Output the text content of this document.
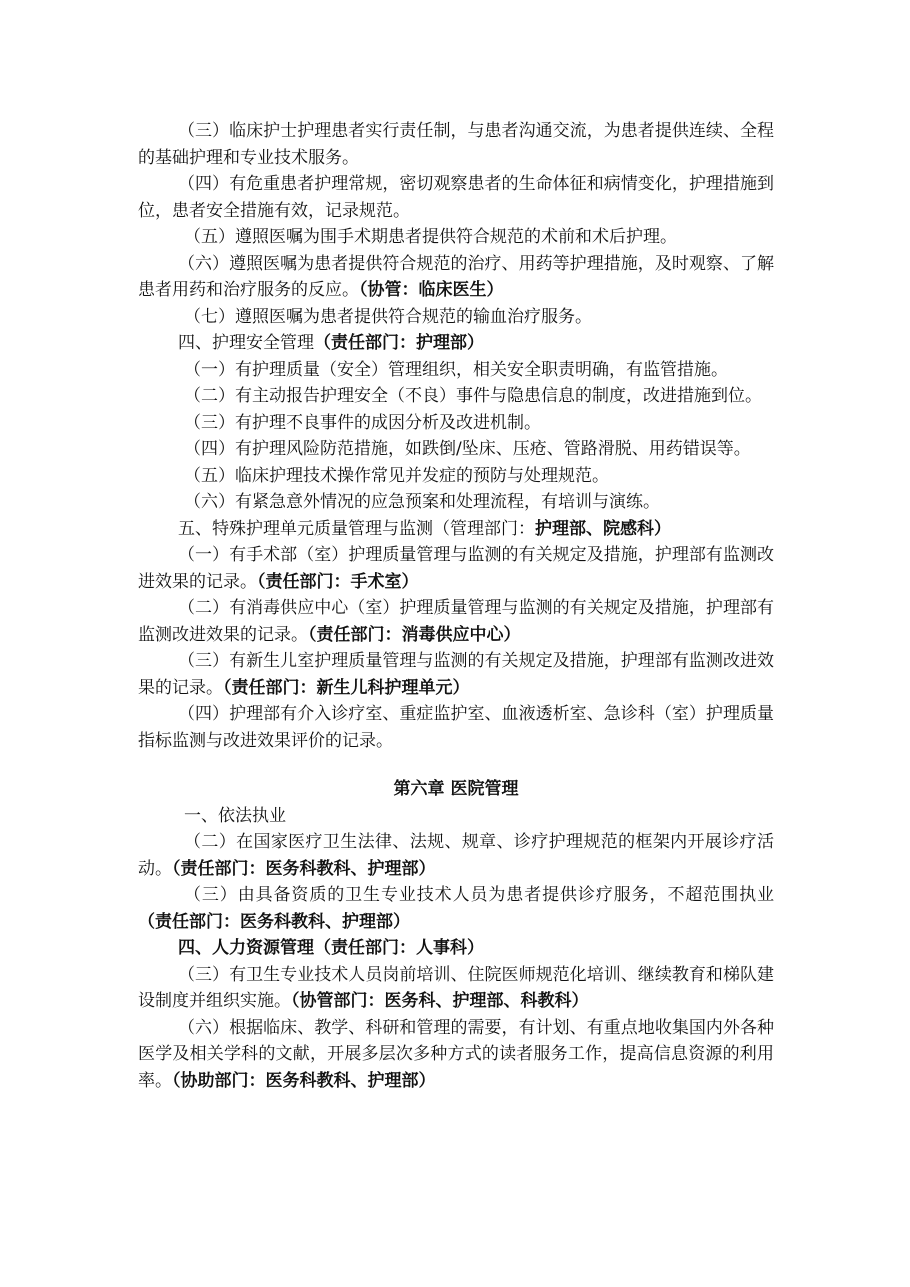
（三）临床护士护理患者实行责任制，与患者沟通交流，为患者提供连续、全程的基础护理和专业技术服务。

（四）有危重患者护理常规，密切观察患者的生命体征和病情变化，护理措施到位，患者安全措施有效，记录规范。

（五）遵照医嘱为围手术期患者提供符合规范的术前和术后护理。

（六）遵照医嘱为患者提供符合规范的治疗、用药等护理措施，及时观察、了解患者用药和治疗服务的反应。（协管：临床医生）

（七）遵照医嘱为患者提供符合规范的输血治疗服务。

四、护理安全管理（责任部门：护理部）

（一）有护理质量（安全）管理组织，相关安全职责明确，有监管措施。

（二）有主动报告护理安全（不良）事件与隐患信息的制度，改进措施到位。

（三）有护理不良事件的成因分析及改进机制。

（四）有护理风险防范措施，如跌倒/坠床、压疮、管路滑脱、用药错误等。

（五）临床护理技术操作常见并发症的预防与处理规范。

（六）有紧急意外情况的应急预案和处理流程，有培训与演练。

五、特殊护理单元质量管理与监测（管理部门：护理部、院感科）

（一）有手术部（室）护理质量管理与监测的有关规定及措施，护理部有监测改进效果的记录。（责任部门：手术室）

（二）有消毒供应中心（室）护理质量管理与监测的有关规定及措施，护理部有监测改进效果的记录。（责任部门：消毒供应中心）

（三）有新生儿室护理质量管理与监测的有关规定及措施，护理部有监测改进效果的记录。（责任部门：新生儿科护理单元）

（四）护理部有介入诊疗室、重症监护室、血液透析室、急诊科（室）护理质量指标监测与改进效果评价的记录。

第六章 医院管理

一、依法执业

（二）在国家医疗卫生法律、法规、规章、诊疗护理规范的框架内开展诊疗活动。（责任部门：医务科教科、护理部）

（三）由具备资质的卫生专业技术人员为患者提供诊疗服务，不超范围执业（责任部门：医务科教科、护理部）

四、人力资源管理（责任部门：人事科）

（三）有卫生专业技术人员岗前培训、住院医师规范化培训、继续教育和梯队建设制度并组织实施。（协管部门：医务科、护理部、科教科）

（六）根据临床、教学、科研和管理的需要，有计划、有重点地收集国内外各种医学及相关学科的文献，开展多层次多种方式的读者服务工作，提高信息资源的利用率。（协助部门：医务科教科、护理部）
